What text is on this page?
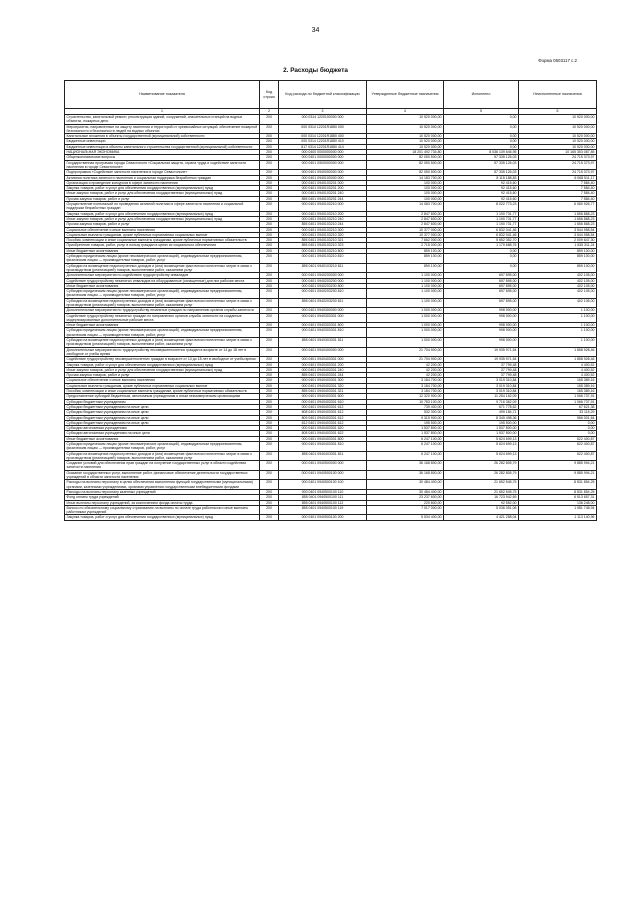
34
Форма 0503117 с.2
2. Расходы бюджета
Наименование показателя	Код строки	Код расхода по бюджетной классификации	Утвержденные бюджетные назначения	Исполнено	Неисполненные назначения
1	2	3	4	5	6
Строительство, капитальный ремонт, реконструкция зданий, сооружений, спасательных станций на водных объектах, пожарных депо	200	000 0314 1220100000 000	10 520 000,00	0,00	10 520 000,00
Мероприятия, направленные на защиту населения и территорий от чрезвычайных ситуаций, обеспечение пожарной безопасности и безопасности людей на водных объектах	200	000 0314 12201R1880 000	10 520 000,00	0,00	10 520 000,00
Капитальные вложения в объекты государственной (муниципальной) собственности	200	000 0314 12201R1880 400	10 520 000,00	0,00	10 520 000,00
Бюджетные инвестиции	200	000 0314 12201R1880 410	10 520 000,00	0,00	10 520 000,00
Бюджетные инвестиции в объекты капитального строительства государственной (муниципальной) собственности	200	817 0314 12201R1880 414	10 520 000,00	0,00	10 520 000,00
НАЦИОНАЛЬНАЯ ЭКОНОМИКА	200	000 0400 0000000000 000	18 201 492 734,80	8 036 139 646,95	10 165 353 087,85
Общеэкономические вопросы	200	000 0401 0000000000 000	82 050 500,00	57 335 126,03	24 715 373,97
Государственная программа города Севастополя «Социальная защита, охрана труда и содействие занятости населения в городе Севастополе»	200	000 0401 0900000000 000	82 050 500,00	57 335 126,03	24 715 373,97
Подпрограмма «Содействие занятости населения в городе Севастополе»	200	000 0401 0940000000 000	82 050 500,00	57 335 126,03	24 715 373,97
Активная политика занятости населения и социальная поддержка безработных граждан	200	000 0401 0940100000 000	14 183 700,00	8 115 188,83	6 068 511,17
Организация и проведение конкурсов в сфере занятости населения	200	000 0401 0940103201 000	100 000,00	92 415,60	7 584,40
Закупка товаров, работ и услуг для обеспечения государственных (муниципальных) нужд	200	000 0401 0940103201 200	100 000,00	92 415,60	7 584,40
Иные закупки товаров, работ и услуг для обеспечения государственных (муниципальных) нужд	200	000 0401 0940103201 240	100 000,00	92 415,60	7 584,40
Прочая закупка товаров, работ и услуг	200	855 0401 0940103201 244	100 000,00	92 415,60	7 584,40
Осуществление полномочий по проведению активной политики в сфере занятости населения и социальной поддержки безработных граждан	200	000 0401 0940103210 000	14 083 700,00	8 022 773,23	6 060 926,77
Закупка товаров, работ и услуг для обеспечения государственных (муниципальных) нужд	200	000 0401 0940103210 200	2 847 600,00	1 190 731,77	1 656 868,23
Иные закупки товаров, работ и услуг для обеспечения государственных (муниципальных) нужд	200	000 0401 0940103210 240	2 847 600,00	1 190 731,77	1 656 868,23
Прочая закупка товаров, работ и услуг	200	855 0401 0940103210 244	2 847 600,00	1 190 731,77	1 656 868,23
Социальное обеспечение и иные выплаты населению	200	000 0401 0940103210 300	10 377 000,00	6 832 041,46	3 544 958,54
Социальные выплаты гражданам, кроме публичных нормативных социальных выплат	200	000 0401 0940103210 320	10 377 000,00	6 832 041,46	3 544 958,54
Пособия, компенсации и иные социальные выплаты гражданам, кроме публичных нормативных обязательств	200	855 0401 0940103210 321	7 662 000,00	5 652 352,70	2 009 647,30
Приобретение товаров, работ, услуг в пользу граждан в целях их социального обеспечения	200	855 0401 0940103210 323	2 715 000,00	1 179 688,76	1 535 311,24
Иные бюджетные ассигнования	200	000 0401 0940103210 800	859 100,00	0,00	859 100,00
Субсидии юридическим лицам (кроме некоммерческих организаций), индивидуальным предпринимателям, физическим лицам — производителям товаров, работ, услуг	200	000 0401 0940103210 810	859 100,00	0,00	859 100,00
Субсидии на возмещение недополученных доходов и (или) возмещение фактически понесенных затрат в связи с производством (реализацией) товаров, выполнением работ, оказанием услуг	200	855 0401 0940103210 811	859 100,00	0,00	859 100,00
Дополнительные мероприятия по содействию трудоустройству инвалидов	200	000 0401 0940200000 000	1 100 000,00	697 895,00	402 105,00
Содействие трудоустройству незанятых инвалидов на оборудованные (оснащенные) для них рабочие места	200	000 0401 0940203200 000	1 100 000,00	697 895,00	402 105,00
Иные бюджетные ассигнования	200	000 0401 0940203200 800	1 100 000,00	697 895,00	402 105,00
Субсидии юридическим лицам (кроме некоммерческих организаций), индивидуальным предпринимателям, физическим лицам — производителям товаров, работ, услуг	200	000 0401 0940203200 810	1 100 000,00	697 895,00	402 105,00
Субсидии на возмещение недополученных доходов и (или) возмещение фактически понесенных затрат в связи с производством (реализацией) товаров, выполнением работ, оказанием услуг	200	855 0401 0940203200 811	1 100 000,00	697 895,00	402 105,00
Дополнительные мероприятия по трудоустройству незанятых граждан по направлению органов службы занятости	200	000 0401 0940300000 000	1 000 000,00	998 900,00	1 100,00
Содействие трудоустройству незанятых граждан по направлению органов службы занятости на созданные модернизированные дополнительные рабочие места	200	000 0401 0940303301 000	1 000 000,00	998 900,00	1 100,00
Иные бюджетные ассигнования	200	000 0401 0940303301 800	1 000 000,00	998 900,00	1 100,00
Субсидии юридическим лицам (кроме некоммерческих организаций), индивидуальным предпринимателям, физическим лицам — производителям товаров, работ, услуг	200	000 0401 0940303301 810	1 000 000,00	998 900,00	1 100,00
Субсидии на возмещение недополученных доходов и (или) возмещение фактически понесенных затрат в связи с производством (реализацией) товаров, выполнением работ, оказанием услуг	200	855 0401 0940303301 811	1 000 000,00	998 900,00	1 100,00
Дополнительные мероприятия по трудоустройству несовершеннолетних граждан в возрасте от 14 до 18 лет в свободное от учебы время	200	000 0401 0940400000 000	21 704 900,00	19 935 971,54	1 858 928,46
Содействие трудоустройству несовершеннолетних граждан в возрасте от 14 до 18 лет в свободное от учебы время	200	000 0401 0940403301 000	21 704 900,00	19 935 971,54	1 858 928,46
Закупка товаров, работ и услуг для обеспечения государственных (муниципальных) нужд	200	000 0401 0940403301 200	42 200,00	37 799,48	4 400,52
Иные закупки товаров, работ и услуг для обеспечения государственных (муниципальных) нужд	200	000 0401 0940403301 240	42 200,00	37 799,48	4 400,52
Прочая закупка товаров, работ и услуг	200	855 0401 0940403301 244	42 200,00	37 799,48	4 400,52
Социальное обеспечение и иные выплаты населению	200	000 0401 0940403301 300	3 184 700,00	3 019 310,84	165 389,16
Социальные выплаты гражданам, кроме публичных нормативных социальных выплат	200	000 0401 0940403301 320	3 184 700,00	3 019 310,84	165 389,16
Пособия, компенсации и иные социальные выплаты гражданам, кроме публичных нормативных обязательств	200	855 0401 0940403301 321	3 184 700,00	3 019 310,84	165 389,16
Предоставление субсидий бюджетным, автономным учреждениям и иным некоммерческим организациям	200	000 0401 0940403301 600	12 320 900,00	11 254 162,09	1 066 737,91
Субсидии бюджетным учреждениям	200	000 0401 0940403301 610	10 783 100,00	9 716 362,09	1 066 737,91
Субсидии бюджетным учреждениям на иные цели	200	000 0401 0940403301 612	739 400,00	671 778,62	67 621,38
Субсидии бюджетным учреждениям на иные цели	200	808 0401 0940403301 612	532 300,00	499 184,71	33 115,29
Субсидии бюджетным учреждениям на иные цели	200	809 0401 0940403301 612	9 315 900,00	8 349 498,36	966 001,64
Субсидии бюджетным учреждениям на иные цели	200	812 0401 0940403301 612	195 500,00	195 500,00	0,00
Субсидии автономным учреждениям	200	000 0401 0940403301 620	1 537 800,00	1 537 800,00	0,00
Субсидии автономным учреждениям на иные цели	200	808 0401 0940403301 622	1 537 800,00	1 537 800,00	0,00
Иные бюджетные ассигнования	200	000 0401 0940403301 800	6 247 100,00	5 624 699,13	622 400,87
Субсидии юридическим лицам (кроме некоммерческих организаций), индивидуальным предпринимателям, физическим лицам — производителям товаров, работ, услуг	200	000 0401 0940403301 810	6 247 100,00	5 624 699,13	622 400,87
Субсидии на возмещение недополученных доходов и (или) возмещение фактически понесенных затрат в связи с производством (реализацией) товаров, выполнением работ, оказанием услуг	200	855 0401 0940403301 811	6 247 100,00	5 624 699,13	622 400,87
Создание условий для обеспечения прав граждан на получение государственных услуг в области содействия занятости населения	200	000 0401 0940500000 000	36 168 800,00	26 282 805,79	9 885 994,21
Оказание государственных услуг, выполнение работ, финансовое обеспечение деятельности государственных учреждений в области занятости населения	200	000 0401 0940500100 000	36 168 800,00	26 282 805,79	9 885 994,21
Расходы на выплаты персоналу в целях обеспечения выполнения функций государственными (муниципальными) органами, казенными учреждениями, органами управления государственными внебюджетными фондами	200	000 0401 0940500100 100	30 484 400,00	21 652 545,75	8 831 854,25
Расходы на выплаты персоналу казенных учреждений	200	000 0401 0940500100 110	30 484 400,00	21 652 545,75	8 831 854,25
Фонд оплаты труда учреждений	200	855 0401 0940500100 111	23 237 600,00	16 723 942,69	6 513 657,31
Иные выплаты персоналу учреждений, за исключением фонда оплаты труда	200	855 0401 0940500100 112	229 800,00	92 552,00	136 248,00
Взносы по обязательному социальному страхованию на выплаты по оплате труда работников и иные выплаты работникам учреждений	200	855 0401 0940500100 119	7 017 000,00	5 036 051,06	1 981 748,94
Закупка товаров, работ и услуг для обеспечения государственных (муниципальных) нужд	200	000 0401 0940500100 200	5 534 400,00	4 421 258,04	1 113 140,96
